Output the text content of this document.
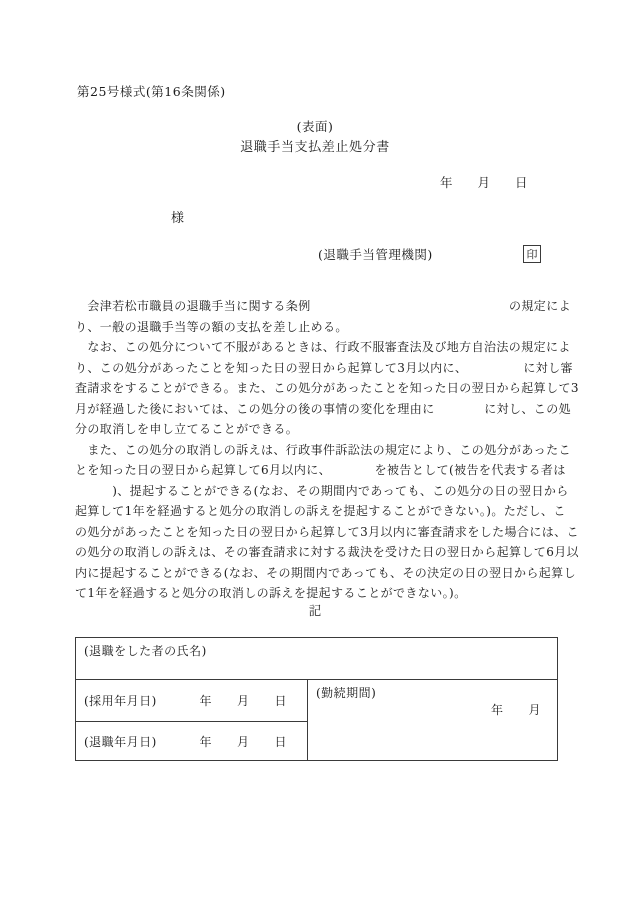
第25号様式(第16条関係)
(表面)
退職手当支払差止処分書
年　　月　　日
様
(退職手当管理機関)	印
　会津若松市職員の退職手当に関する条例　　　　　　　　　　　　　　　　の規定によ
り、一般の退職手当等の額の支払を差し止める。
　なお、この処分について不服があるときは、行政不服審査法及び地方自治法の規定によ
り、この処分があったことを知った日の翌日から起算して3月以内に、　　　　　に対し審
査請求をすることができる。また、この処分があったことを知った日の翌日から起算して3
月が経過した後においては、この処分の後の事情の変化を理由に　　　　に対し、この処
分の取消しを申し立てることができる。
　また、この処分の取消しの訴えは、行政事件訴訟法の規定により、この処分があったこ
とを知った日の翌日から起算して6月以内に、　　　　を被告として(被告を代表する者は
　　　)、提起することができる(なお、その期間内であっても、この処分の日の翌日から
起算して1年を経過すると処分の取消しの訴えを提起することができない。)。ただし、こ
の処分があったことを知った日の翌日から起算して3月以内に審査請求をした場合には、こ
の処分の取消しの訴えは、その審査請求に対する裁決を受けた日の翌日から起算して6月以
内に提起することができる(なお、その期間内であっても、その決定の日の翌日から起算し
て1年を経過すると処分の取消しの訴えを提起することができない。)。
記
(退職をした者の氏名)

(採用年月日)	年　　月　　日

(勤続期間)
年　　月

(退職年月日)	年　　月　　日
